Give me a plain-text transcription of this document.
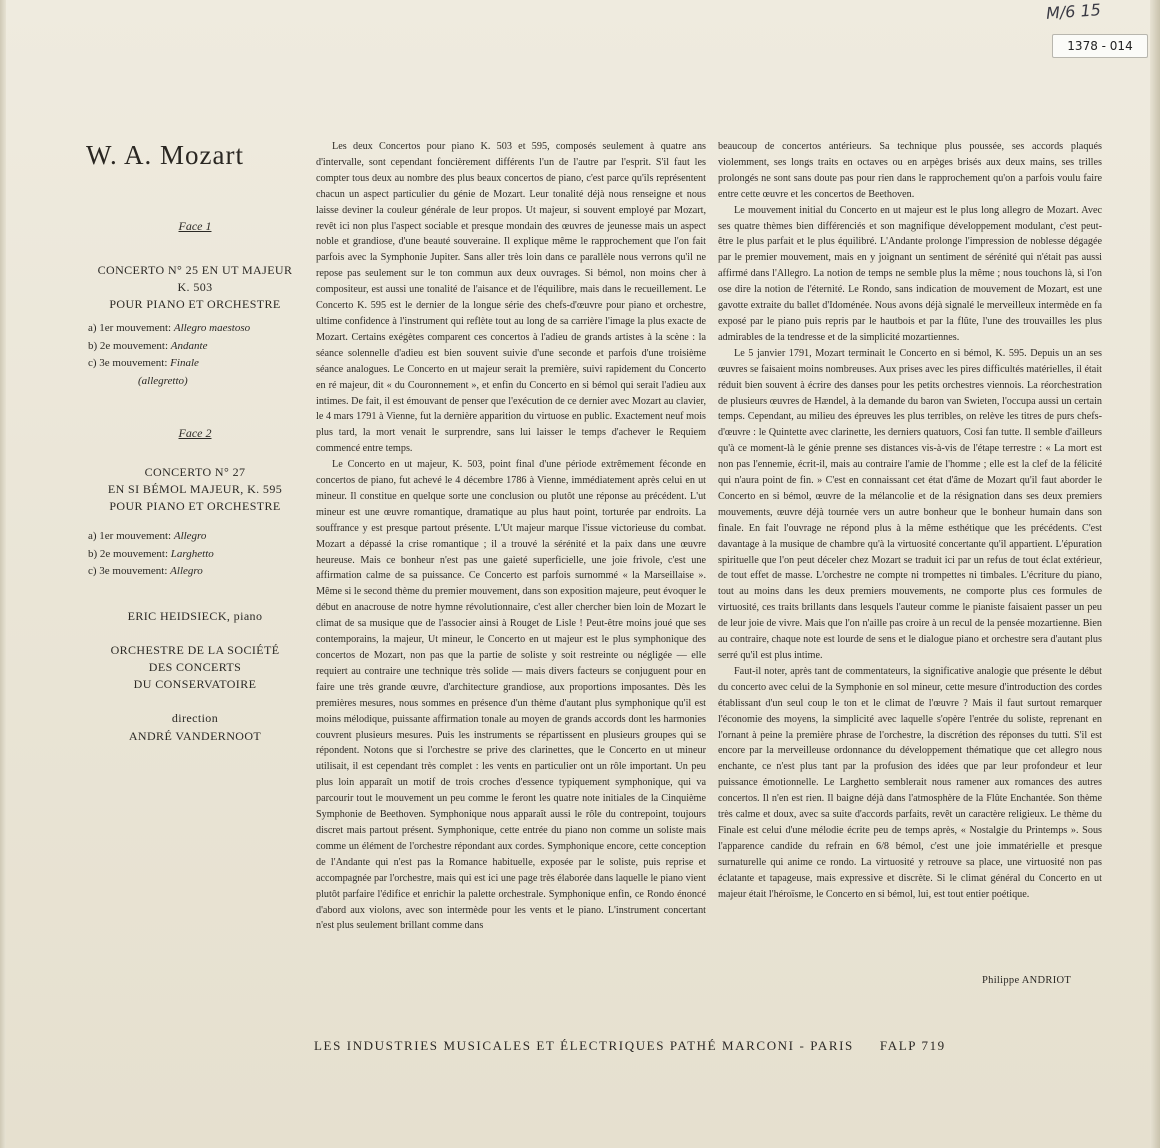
M/6 15
1378 - 014
W. A. Mozart
Face 1
CONCERTO N° 25 EN UT MAJEUR
K. 503
POUR PIANO ET ORCHESTRE
a) 1er mouvement: Allegro maestoso
b) 2e mouvement: Andante
c) 3e mouvement: Finale
(allegretto)
Face 2
CONCERTO N° 27
EN SI BÉMOL MAJEUR, K. 595
POUR PIANO ET ORCHESTRE
a) 1er mouvement: Allegro
b) 2e mouvement: Larghetto
c) 3e mouvement: Allegro
ERIC HEIDSIECK, piano
ORCHESTRE DE LA SOCIÉTÉ
DES CONCERTS
DU CONSERVATOIRE
direction
ANDRÉ VANDERNOOT

Les deux Concertos pour piano K. 503 et 595, composés seulement à quatre ans d'intervalle, sont cependant foncièrement différents l'un de l'autre par l'esprit. S'il faut les compter tous deux au nombre des plus beaux concertos de piano, c'est parce qu'ils représentent chacun un aspect particulier du génie de Mozart. Leur tonalité déjà nous renseigne et nous laisse deviner la couleur générale de leur propos. Ut majeur, si souvent employé par Mozart, revêt ici non plus l'aspect sociable et presque mondain des œuvres de jeunesse mais un aspect noble et grandiose, d'une beauté souveraine. Il explique même le rapprochement que l'on fait parfois avec la Symphonie Jupiter. Sans aller très loin dans ce parallèle nous verrons qu'il ne repose pas seulement sur le ton commun aux deux ouvrages. Si bémol, non moins cher à compositeur, est aussi une tonalité de l'aisance et de l'équilibre, mais dans le recueillement. Le Concerto K. 595 est le dernier de la longue série des chefs-d'œuvre pour piano et orchestre, ultime confidence à l'instrument qui reflète tout au long de sa carrière l'image la plus exacte de Mozart. Certains exégètes comparent ces concertos à l'adieu de grands artistes à la scène : la séance solennelle d'adieu est bien souvent suivie d'une seconde et parfois d'une troisième séance analogues. Le Concerto en ut majeur serait la première, suivi rapidement du Concerto en ré majeur, dit « du Couronnement », et enfin du Concerto en si bémol qui serait l'adieu aux intimes. De fait, il est émouvant de penser que l'exécution de ce dernier avec Mozart au clavier, le 4 mars 1791 à Vienne, fut la dernière apparition du virtuose en public. Exactement neuf mois plus tard, la mort venait le surprendre, sans lui laisser le temps d'achever le Requiem commencé entre temps.

Le Concerto en ut majeur, K. 503, point final d'une période extrêmement féconde en concertos de piano, fut achevé le 4 décembre 1786 à Vienne, immédiatement après celui en ut mineur. Il constitue en quelque sorte une conclusion ou plutôt une réponse au précédent. L'ut mineur est une œuvre romantique, dramatique au plus haut point, torturée par endroits. La souffrance y est presque partout présente. L'Ut majeur marque l'issue victorieuse du combat. Mozart a dépassé la crise romantique ; il a trouvé la sérénité et la paix dans une œuvre heureuse. Mais ce bonheur n'est pas une gaieté superficielle, une joie frivole, c'est une affirmation calme de sa puissance. Ce Concerto est parfois surnommé « la Marseillaise ». Même si le second thème du premier mouvement, dans son exposition majeure, peut évoquer le début en anacrouse de notre hymne révolutionnaire, c'est aller chercher bien loin de Mozart le climat de sa musique que de l'associer ainsi à Rouget de Lisle ! Peut-être moins joué que ses contemporains, la majeur, Ut mineur, le Concerto en ut majeur est le plus symphonique des concertos de Mozart, non pas que la partie de soliste y soit restreinte ou négligée — elle requiert au contraire une technique très solide — mais divers facteurs se conjuguent pour en faire une très grande œuvre, d'architecture grandiose, aux proportions imposantes. Dès les premières mesures, nous sommes en présence d'un thème d'autant plus symphonique qu'il est moins mélodique, puissante affirmation tonale au moyen de grands accords dont les harmonies couvrent plusieurs mesures. Puis les instruments se répartissent en plusieurs groupes qui se répondent. Notons que si l'orchestre se prive des clarinettes, que le Concerto en ut mineur utilisait, il est cependant très complet : les vents en particulier ont un rôle important. Un peu plus loin apparaît un motif de trois croches d'essence typiquement symphonique, qui va parcourir tout le mouvement un peu comme le feront les quatre note initiales de la Cinquième Symphonie de Beethoven. Symphonique nous apparaît aussi le rôle du contrepoint, toujours discret mais partout présent. Symphonique, cette entrée du piano non comme un soliste mais comme un élément de l'orchestre répondant aux cordes. Symphonique encore, cette conception de l'Andante qui n'est pas la Romance habituelle, exposée par le soliste, puis reprise et accompagnée par l'orchestre, mais qui est ici une page très élaborée dans laquelle le piano vient plutôt parfaire l'édifice et enrichir la palette orchestrale. Symphonique enfin, ce Rondo énoncé d'abord aux violons, avec son intermède pour les vents et le piano. L'instrument concertant n'est plus seulement brillant comme dans

beaucoup de concertos antérieurs. Sa technique plus poussée, ses accords plaqués violemment, ses longs traits en octaves ou en arpèges brisés aux deux mains, ses trilles prolongés ne sont sans doute pas pour rien dans le rapprochement qu'on a parfois voulu faire entre cette œuvre et les concertos de Beethoven.

Le mouvement initial du Concerto en ut majeur est le plus long allegro de Mozart. Avec ses quatre thèmes bien différenciés et son magnifique développement modulant, c'est peut-être le plus parfait et le plus équilibré. L'Andante prolonge l'impression de noblesse dégagée par le premier mouvement, mais en y joignant un sentiment de sérénité qui n'était pas aussi affirmé dans l'Allegro. La notion de temps ne semble plus la même ; nous touchons là, si l'on ose dire la notion de l'éternité. Le Rondo, sans indication de mouvement de Mozart, est une gavotte extraite du ballet d'Idoménée. Nous avons déjà signalé le merveilleux intermède en fa exposé par le piano puis repris par le hautbois et par la flûte, l'une des trouvailles les plus admirables de la tendresse et de la simplicité mozartiennes.

Le 5 janvier 1791, Mozart terminait le Concerto en si bémol, K. 595. Depuis un an ses œuvres se faisaient moins nombreuses. Aux prises avec les pires difficultés matérielles, il était réduit bien souvent à écrire des danses pour les petits orchestres viennois. La réorchestration de plusieurs œuvres de Hændel, à la demande du baron van Swieten, l'occupa aussi un certain temps. Cependant, au milieu des épreuves les plus terribles, on relève les titres de purs chefs-d'œuvre : le Quintette avec clarinette, les derniers quatuors, Cosi fan tutte. Il semble d'ailleurs qu'à ce moment-là le génie prenne ses distances vis-à-vis de l'étape terrestre : « La mort est non pas l'ennemie, écrit-il, mais au contraire l'amie de l'homme ; elle est la clef de la félicité qui n'aura point de fin. » C'est en connaissant cet état d'âme de Mozart qu'il faut aborder le Concerto en si bémol, œuvre de la mélancolie et de la résignation dans ses deux premiers mouvements, œuvre déjà tournée vers un autre bonheur que le bonheur humain dans son finale. En fait l'ouvrage ne répond plus à la même esthétique que les précédents. C'est davantage à la musique de chambre qu'à la virtuosité concertante qu'il appartient. L'épuration spirituelle que l'on peut déceler chez Mozart se traduit ici par un refus de tout éclat extérieur, de tout effet de masse. L'orchestre ne compte ni trompettes ni timbales. L'écriture du piano, tout au moins dans les deux premiers mouvements, ne comporte plus ces formules de virtuosité, ces traits brillants dans lesquels l'auteur comme le pianiste faisaient passer un peu de leur joie de vivre. Mais que l'on n'aille pas croire à un recul de la pensée mozartienne. Bien au contraire, chaque note est lourde de sens et le dialogue piano et orchestre sera d'autant plus serré qu'il est plus intime.

Faut-il noter, après tant de commentateurs, la significative analogie que présente le début du concerto avec celui de la Symphonie en sol mineur, cette mesure d'introduction des cordes établissant d'un seul coup le ton et le climat de l'œuvre ? Mais il faut surtout remarquer l'économie des moyens, la simplicité avec laquelle s'opère l'entrée du soliste, reprenant en l'ornant à peine la première phrase de l'orchestre, la discrétion des réponses du tutti. S'il est encore par la merveilleuse ordonnance du développement thématique que cet allegro nous enchante, ce n'est plus tant par la profusion des idées que par leur profondeur et leur puissance émotionnelle. Le Larghetto semblerait nous ramener aux romances des autres concertos. Il n'en est rien. Il baigne déjà dans l'atmosphère de la Flûte Enchantée. Son thème très calme et doux, avec sa suite d'accords parfaits, revêt un caractère religieux. Le thème du Finale est celui d'une mélodie écrite peu de temps après, « Nostalgie du Printemps ». Sous l'apparence candide du refrain en 6/8 bémol, c'est une joie immatérielle et presque surnaturelle qui anime ce rondo. La virtuosité y retrouve sa place, une virtuosité non pas éclatante et tapageuse, mais expressive et discrète. Si le climat général du Concerto en ut majeur était l'héroïsme, le Concerto en si bémol, lui, est tout entier poétique.

Philippe ANDRIOT
LES INDUSTRIES MUSICALES ET ÉLECTRIQUES PATHÉ MARCONI - PARIS FALP 719
